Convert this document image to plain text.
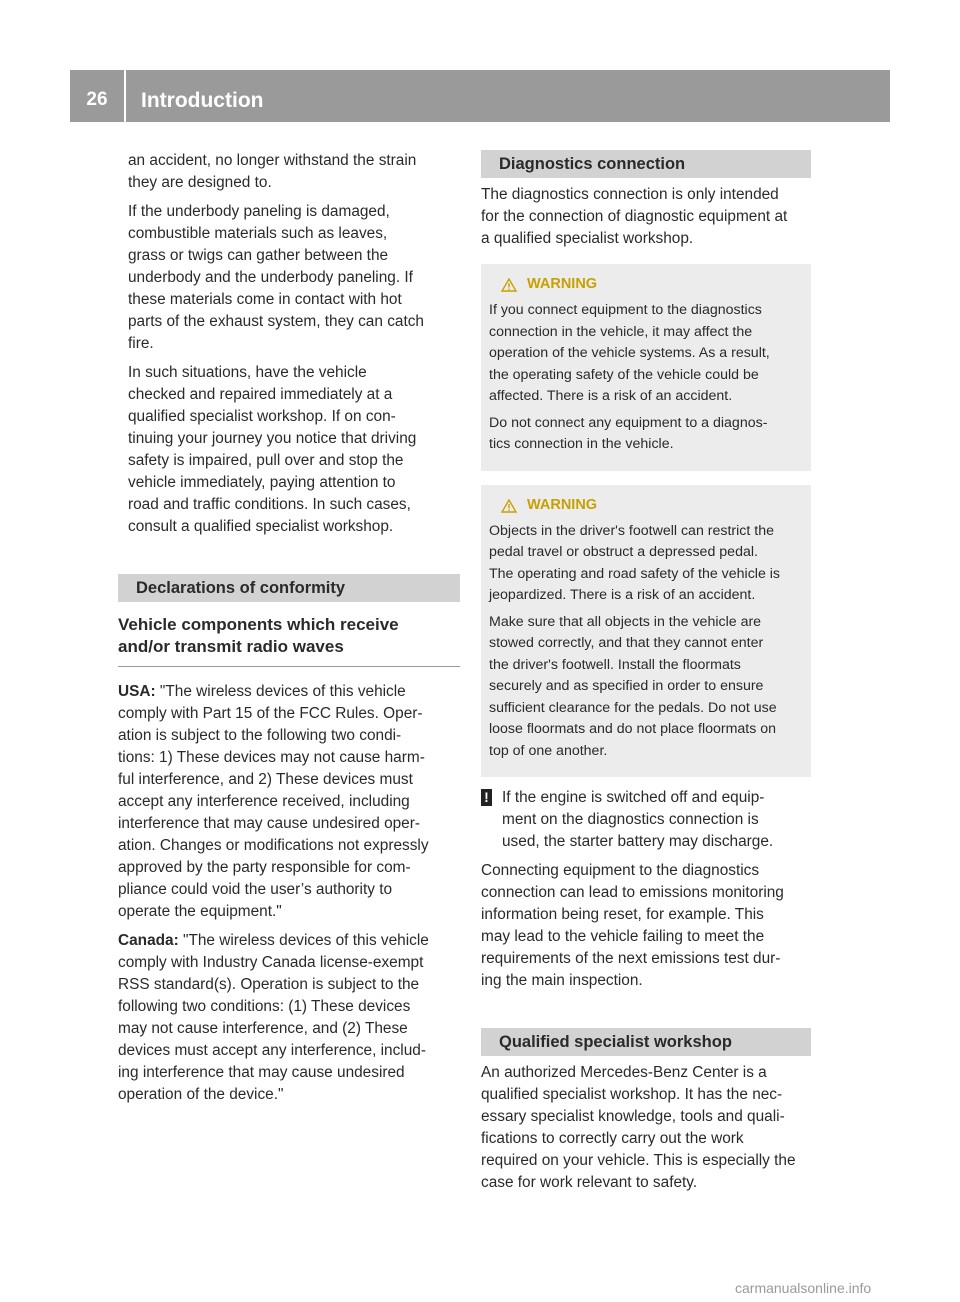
26	Introduction

an accident, no longer withstand the strain
they are designed to.

If the underbody paneling is damaged,
combustible materials such as leaves,
grass or twigs can gather between the
underbody and the underbody paneling. If
these materials come in contact with hot
parts of the exhaust system, they can catch
fire.

In such situations, have the vehicle
checked and repaired immediately at a
qualified specialist workshop. If on con-
tinuing your journey you notice that driving
safety is impaired, pull over and stop the
vehicle immediately, paying attention to
road and traffic conditions. In such cases,
consult a qualified specialist workshop.

Declarations of conformity
Vehicle components which receive
and/or transmit radio waves

USA: "The wireless devices of this vehicle
comply with Part 15 of the FCC Rules. Oper-
ation is subject to the following two condi-
tions: 1) These devices may not cause harm-
ful interference, and 2) These devices must
accept any interference received, including
interference that may cause undesired oper-
ation. Changes or modifications not expressly
approved by the party responsible for com-
pliance could void the user’s authority to
operate the equipment."

Canada: "The wireless devices of this vehicle
comply with Industry Canada license-exempt
RSS standard(s). Operation is subject to the
following two conditions: (1) These devices
may not cause interference, and (2) These
devices must accept any interference, includ-
ing interference that may cause undesired
operation of the device."

Diagnostics connection

The diagnostics connection is only intended
for the connection of diagnostic equipment at
a qualified specialist workshop.

WARNING

If you connect equipment to the diagnostics
connection in the vehicle, it may affect the
operation of the vehicle systems. As a result,
the operating safety of the vehicle could be
affected. There is a risk of an accident.

Do not connect any equipment to a diagnos-
tics connection in the vehicle.

WARNING

Objects in the driver's footwell can restrict the
pedal travel or obstruct a depressed pedal.
The operating and road safety of the vehicle is
jeopardized. There is a risk of an accident.

Make sure that all objects in the vehicle are
stowed correctly, and that they cannot enter
the driver's footwell. Install the floormats
securely and as specified in order to ensure
sufficient clearance for the pedals. Do not use
loose floormats and do not place floormats on
top of one another.

! If the engine is switched off and equip-
ment on the diagnostics connection is
used, the starter battery may discharge.

Connecting equipment to the diagnostics
connection can lead to emissions monitoring
information being reset, for example. This
may lead to the vehicle failing to meet the
requirements of the next emissions test dur-
ing the main inspection.

Qualified specialist workshop

An authorized Mercedes-Benz Center is a
qualified specialist workshop. It has the nec-
essary specialist knowledge, tools and quali-
fications to correctly carry out the work
required on your vehicle. This is especially the
case for work relevant to safety.

carmanualsonline.info
